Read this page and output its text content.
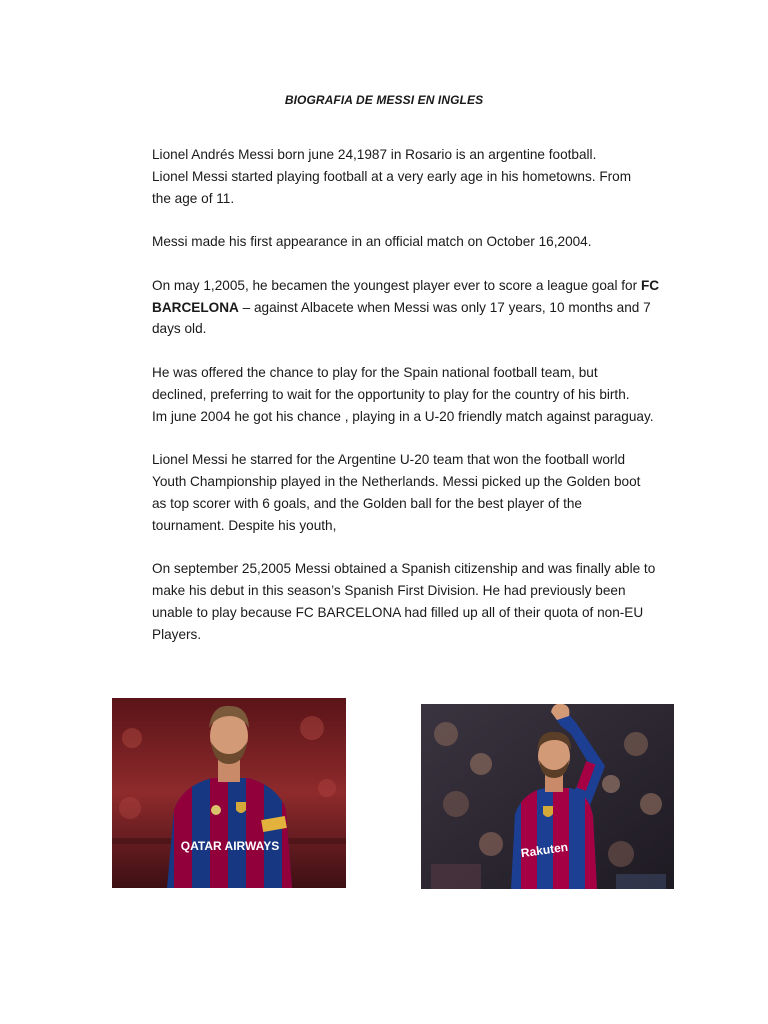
BIOGRAFIA DE MESSI EN INGLES

Lionel Andrés Messi born june 24,1987 in Rosario is an argentine football.
Lionel Messi started playing football at a very early age in his hometowns. From
the age of 11.

Messi made his first appearance in an official match on October 16,2004.

On may 1,2005, he becamen the youngest player ever to score a league goal for FC
BARCELONA – against Albacete when Messi was only 17 years, 10 months and 7
days old.

He was offered the chance to play for the Spain national football team, but
declined, preferring to wait for the opportunity to play for the country of his birth.
Im june 2004 he got his chance , playing in a U-20 friendly match against paraguay.

Lionel Messi he starred for the Argentine U-20 team that won the football world
Youth Championship played in the Netherlands. Messi picked up the Golden boot
as top scorer with 6 goals, and the Golden ball for the best player of the
tournament. Despite his youth,

On september 25,2005 Messi obtained a Spanish citizenship and was finally able to
make his debut in this season’s Spanish First Division. He had previously been
unable to play because FC BARCELONA had filled up all of their quota of non-EU
Players.

QATAR AIRWAYS	Rakuten
